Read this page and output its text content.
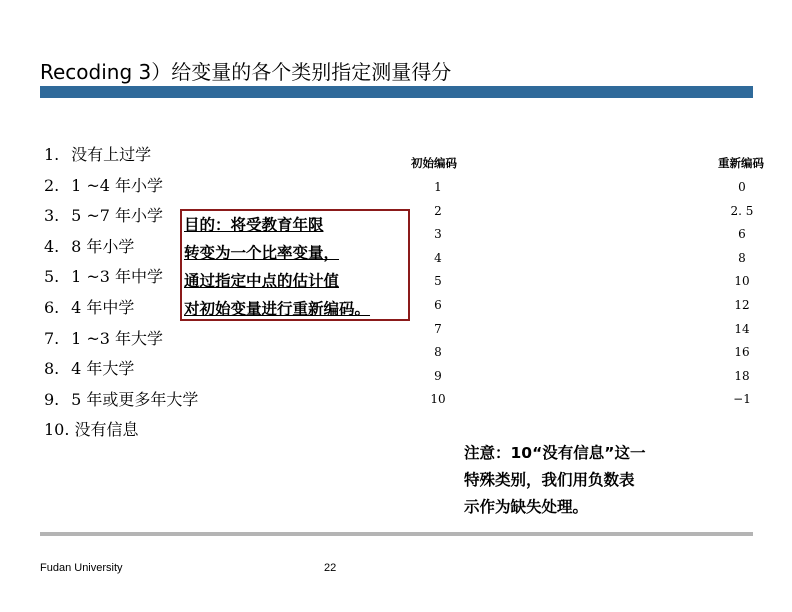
Recoding 3）给变量的各个类别指定测量得分
1. 没有上过学
2. 1 ~4 年小学
3. 5 ~7 年小学
4. 8 年小学
5. 1 ~3 年中学
6. 4 年中学
7. 1 ~3 年大学
8. 4 年大学
9. 5 年或更多年大学
10. 没有信息
初始编码	重新编码
1
2
3
4
5
6
7
8
9
10
0
2. 5
6
8
10
12
14
16
18
−1
目的：将受教育年限
转变为一个比率变量，
通过指定中点的估计值
对初始变量进行重新编码。
注意：10“没有信息”这一
特殊类别，我们用负数表
示作为缺失处理。
Fudan University	22
